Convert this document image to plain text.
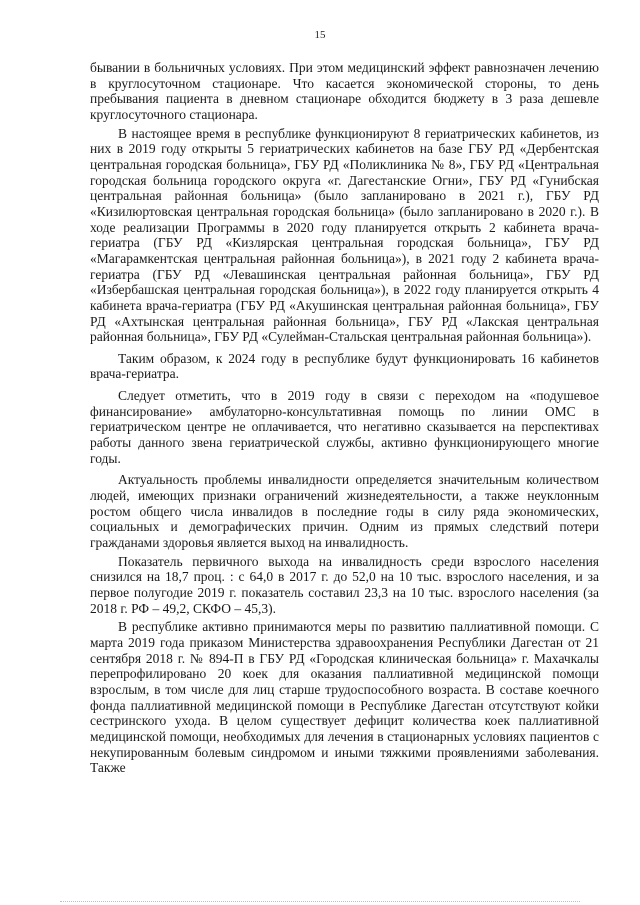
15

бывании в больничных условиях. При этом медицинский эффект равнозначен лечению в круглосуточном стационаре. Что касается экономической стороны, то день пребывания пациента в дневном стационаре обходится бюджету в 3 раза дешевле круглосуточного стационара.

В настоящее время в республике функционируют 8 гериатрических кабинетов, из них в 2019 году открыты 5 гериатрических кабинетов на базе ГБУ РД «Дербентская центральная городская больница», ГБУ РД «Поликлиника № 8», ГБУ РД «Центральная городская больница городского округа «г. Дагестанские Огни», ГБУ РД «Гунибская центральная районная больница» (было запланировано в 2021 г.), ГБУ РД «Кизилюртовская центральная городская больница» (было запланировано в 2020 г.). В ходе реализации Программы в 2020 году планируется открыть 2 кабинета врача-гериатра (ГБУ РД «Кизлярская центральная городская больница», ГБУ РД «Магарамкентская центральная районная больница»), в 2021 году 2 кабинета врача-гериатра (ГБУ РД «Левашинская центральная районная больница», ГБУ РД «Избербашская центральная городская больница»), в 2022 году планируется открыть 4 кабинета врача-гериатра (ГБУ РД «Акушинская центральная районная больница», ГБУ РД «Ахтынская центральная районная больница», ГБУ РД «Лакская центральная районная больница», ГБУ РД «Сулейман-Стальская центральная районная больница»).

Таким образом, к 2024 году в республике будут функционировать 16 кабинетов врача-гериатра.

Следует отметить, что в 2019 году в связи с переходом на «подушевое финансирование» амбулаторно-консультативная помощь по линии ОМС в гериатрическом центре не оплачивается, что негативно сказывается на перспективах работы данного звена гериатрической службы, активно функционирующего многие годы.

Актуальность проблемы инвалидности определяется значительным количеством людей, имеющих признаки ограничений жизнедеятельности, а также неуклонным ростом общего числа инвалидов в последние годы в силу ряда экономических, социальных и демографических причин. Одним из прямых следствий потери гражданами здоровья является выход на инвалидность.

Показатель первичного выхода на инвалидность среди взрослого населения снизился на 18,7 проц. : с 64,0 в 2017 г. до 52,0 на 10 тыс. взрослого населения, и за первое полугодие 2019 г. показатель составил 23,3 на 10 тыс. взрослого населения (за 2018 г. РФ – 49,2, СКФО – 45,3).

В республике активно принимаются меры по развитию паллиативной помощи. С марта 2019 года приказом Министерства здравоохранения Республики Дагестан от 21 сентября 2018 г. № 894-П в ГБУ РД «Городская клиническая больница» г. Махачкалы перепрофилировано 20 коек для оказания паллиативной медицинской помощи взрослым, в том числе для лиц старше трудоспособного возраста. В составе коечного фонда паллиативной медицинской помощи в Республике Дагестан отсутствуют койки сестринского ухода. В целом существует дефицит количества коек паллиативной медицинской помощи, необходимых для лечения в стационарных условиях пациентов с некупированным болевым синдромом и иными тяжкими проявлениями заболевания. Также
